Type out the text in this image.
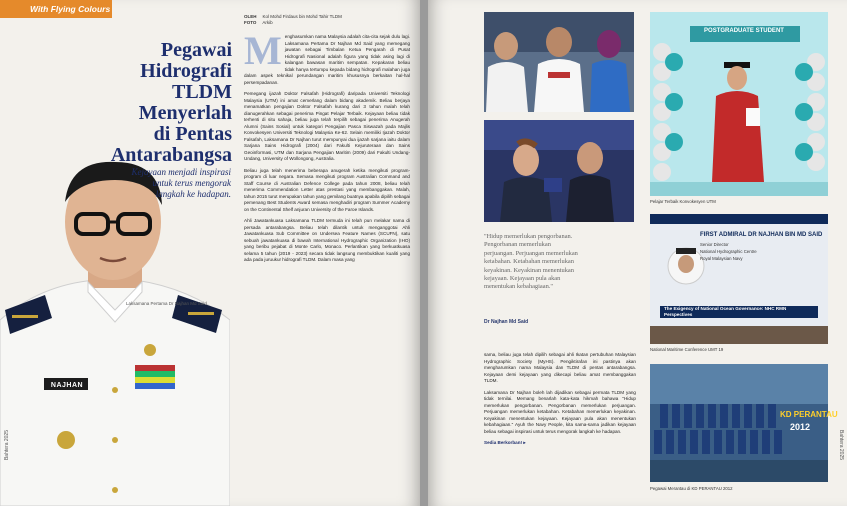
With Flying Colours
NAJHAN
Pegawai
Hidrografi
TLDM
Menyerlah
di Pentas
Antarabangsa
Kejayaan menjadi inspirasi untuk terus mengorak langkah ke hadapan.
Laksamana Pertama Dr Najhan Md Said
Bahtera 2025
OLEH Kol Mohd Firdaus bin Mohd Tahir TLDM
FOTO Arkib

Menghasumkan nama Malaysia adalah cita-cita sejak dulu lagi. Laksamana Pertama Dr Najhan Md Said yang memegang jawatan sebagai Timbalan Ketua Pengarah di Pusat Hidrografi Nasional adalah figura yang tidak asing lagi di kalangan bawasan maritim sempatan. Kepakaran beliau tidak hanya tertumpu kepada bidang hidrografi malahan juga dalam aspek teknikal perundangan maritim khususnya berkaitan hal-hal persempadanan.

Pemegang ijazah Doktor Falsafah (Hidrografi) daripada Universiti Teknologi Malaysia (UTM) ini amat cemerlang dalam bidang akademik. Beliau berjaya menamatkan pengajian Doktor Falsafah kurang dari 3 tahun malah telah dianugerahkan sebagai penerima Pingat Pelajar Terbaik. Kejayaan beliau tidak terhenti di situ sahaja, beliau juga telah terpilih sebagai penerima Anugerah Alumni (Sains Sosial) untuk kategori Pengajian Pasca Siswazah pada Majlis Konvokesyen Universiti Teknologi Malaysia Ke-62. Selain memiliki Ijazah Doktor Falsafah, Laksamana Dr Najhan turut mempunyai dua ijazah sarjana iaitu dalam Sarjana Sains Hidrografi (2004) dari Fakulti Kejuruteraan dan Sains Geoinformasi, UTM dan Sarjana Pengajian Maritim (2009) dari Fakulti Undang-Undang, University of Wollongong, Australia.

Beliau juga telah menerima beberapa anugerah ketika mengikuti program-program di luar negara. Semasa mengikuti program Australian Command and Staff Course di Australian Defence College pada tahun 2008, beliau telah menerima Commendation Letter atas prestasi yang membanggakan. Malah, tahun 2015 turut merupakan tahun yang gemilang buatnya apabila dipilih sebagai pemenang Best Students Award semasa menghadiri program Summer Academy on the Continental Shelf anjuran University of the Faroe Islands.

Ahli Jawatankuasa Laksamana TLDM termuda ini telah pun melakar nama di persada antarabangsa. Beliau telah dilantik untuk menganggotai Ahli Jawatankuasa Sub Committee on Undersea Feature Names (SCUFN), satu sebuah jawatankuasa di bawah International Hydrographic Organization (IHO) yang beribu pejabat di Monte Carlo, Monaco. Perlantikan yang berkuatkuasa selama 5 tahun (2019 - 2023) secara tidak langsung membuktikan kualiti yang ada pada juruukur hidrografi TLDM. Dalam masa yang

POSTGRADUATE STUDENT
FIRST ADMIRAL DR NAJHAN BIN MD SAID
Senior Director
National Hydrographic Centre
Royal Malaysian Navy
The Exigency of National Ocean Governance: NHC RMN Perspectives
KD PERANTAU
2012
Pelajar Terbaik Konvokesyen UTM
National Maritime Conference UMT 19
Pegawai Merantau di KD PERANTAU 2012
"Hidup memerlukan pengorbanan.
Pengorbanan memerlukan
perjuangan. Perjuangan memerlukan
ketabahan. Ketabahan memerlukan
keyakinan. Keyakinan menentukan
kejayaan. Kejayaan pula akan
menentukan kebahagiaan."
Dr Najhan Md Said

sama, beliau juga telah dipilih sebagai ahli Ikatan pertubuhan Malaysian Hydrographic Society (MyHS). Pengiktirafan ini pastinya akan mengharumkan nama Malaysia dan TLDM di pentas antarabangsa. Kejayaan demi kejayaan yang dikecapi beliau amat membanggakan TLDM.

Laksamana Dr Najhan boleh lah dijadikan sebagai permata TLDM yang tidak ternilai. Memang benarlah kata-kata hikmah bahawa "Hidup memerlukan pengorbanan. Pengorbanan memerlukan perjuangan. Perjuangan memerlukan ketabahan. Ketabahan memerlukan keyakinan. Keyakinan menentukan kejayaan. Kejayaan pula akan menentukan kebahagiaan." Ayuh the Navy People, kita sama-sama jadikan kejayaan beliau sebagai inspirasi untuk terus mengorak langkah ke hadapan.

Sedia Berkorban! ▸	Bahtera 2025
